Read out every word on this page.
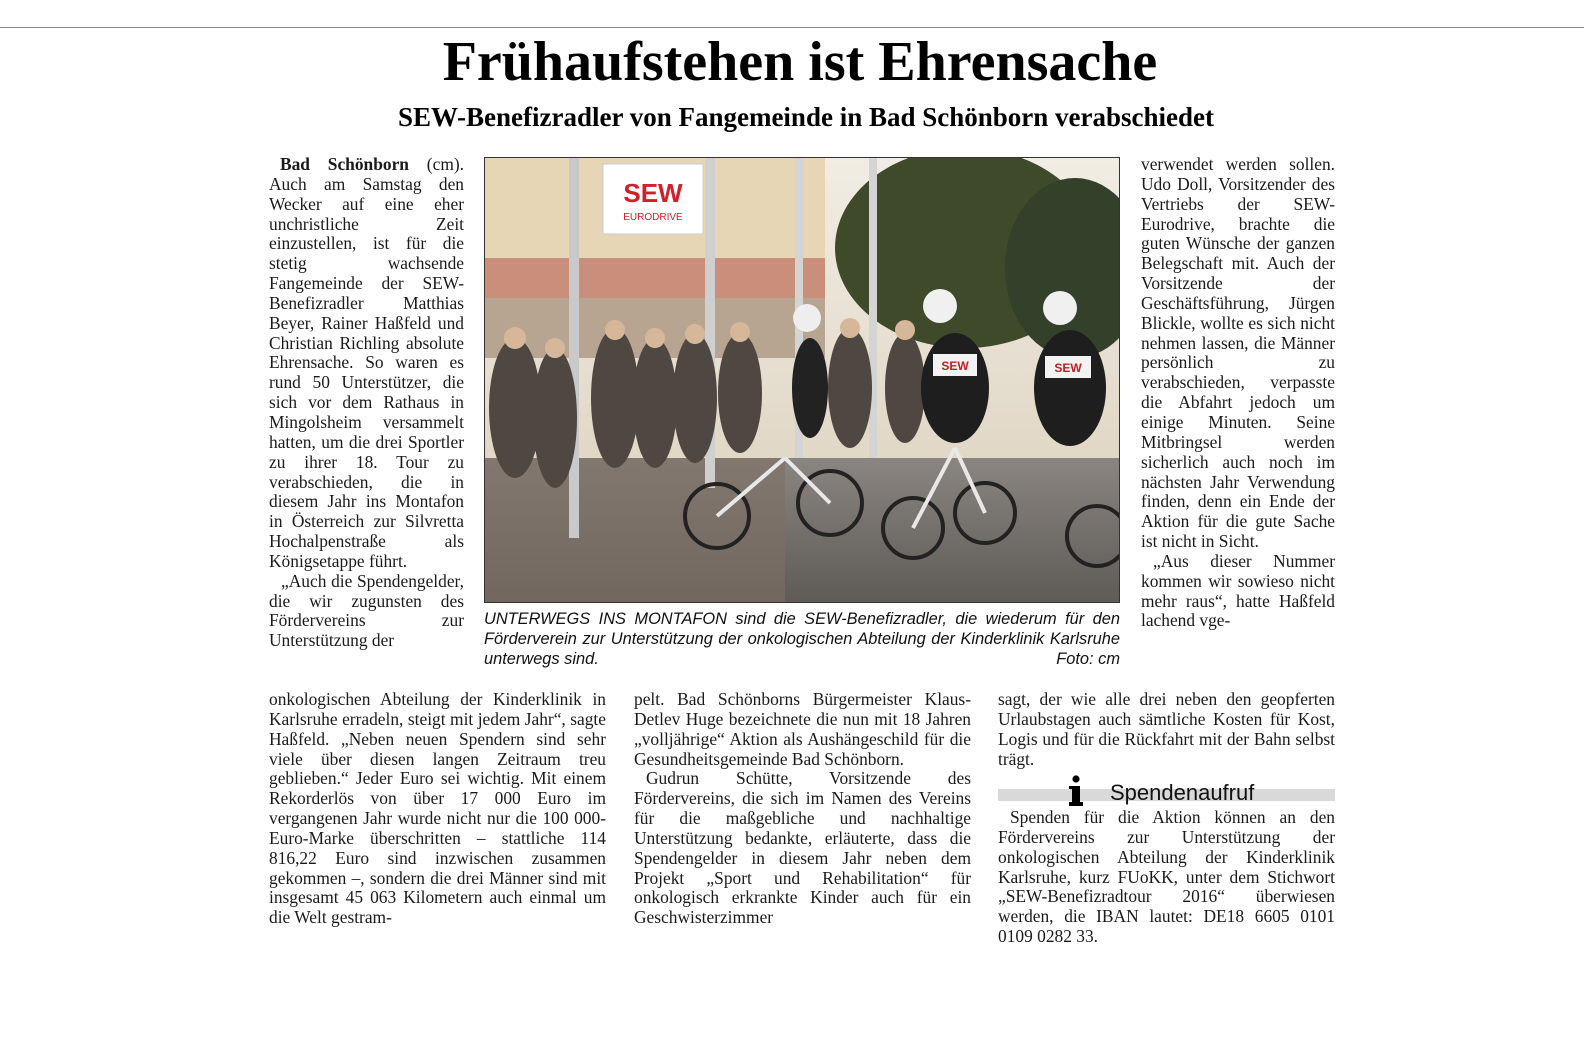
Frühaufstehen ist Ehrensache
SEW-Benefizradler von Fangemeinde in Bad Schönborn verabschiedet

Bad Schönborn (cm). Auch am Samstag den Wecker auf eine eher unchristliche Zeit einzustellen, ist für die stetig wachsende Fangemeinde der SEW-Benefizradler Matthias Beyer, Rainer Haßfeld und Christian Richling absolute Ehrensache. So waren es rund 50 Unterstützer, die sich vor dem Rathaus in Mingolsheim versammelt hatten, um die drei Sportler zu ihrer 18. Tour zu verabschieden, die in diesem Jahr ins Montafon in Österreich zur Silvretta Hochalpenstraße als Königsetappe führt.

„Auch die Spendengelder, die wir zugunsten des Fördervereins zur Unterstützung der

SEW
EURODRIVE
SEW	SEW
UNTERWEGS INS MONTAFON sind die SEW-Benefizradler, die wiederum für den Förderverein zur Unterstützung der onkologischen Abteilung der Kinderklinik Karlsruhe unterwegs sind.	Foto: cm

verwendet werden sollen. Udo Doll, Vorsitzender des Vertriebs der SEW-Eurodrive, brachte die guten Wünsche der ganzen Belegschaft mit. Auch der Vorsitzende der Geschäftsführung, Jürgen Blickle, wollte es sich nicht nehmen lassen, die Männer persönlich zu verabschieden, verpasste die Abfahrt jedoch um einige Minuten. Seine Mitbringsel werden sicherlich auch noch im nächsten Jahr Verwendung finden, denn ein Ende der Aktion für die gute Sache ist nicht in Sicht.

„Aus dieser Nummer kommen wir sowieso nicht mehr raus“, hatte Haßfeld lachend vge-

onkologischen Abteilung der Kinderklinik in Karlsruhe erradeln, steigt mit jedem Jahr“, sagte Haßfeld. „Neben neuen Spendern sind sehr viele über diesen langen Zeitraum treu geblieben.“ Jeder Euro sei wichtig. Mit einem Rekorderlös von über 17 000 Euro im vergangenen Jahr wurde nicht nur die 100 000-Euro-Marke überschritten – stattliche 114 816,22 Euro sind inzwischen zusammen gekommen –, sondern die drei Männer sind mit insgesamt 45 063 Kilometern auch einmal um die Welt gestram-

pelt. Bad Schönborns Bürgermeister Klaus-Detlev Huge bezeichnete die nun mit 18 Jahren „volljährige“ Aktion als Aushängeschild für die Gesundheitsgemeinde Bad Schönborn.

Gudrun Schütte, Vorsitzende des Fördervereins, die sich im Namen des Vereins für die maßgebliche und nachhaltige Unterstützung bedankte, erläuterte, dass die Spendengelder in diesem Jahr neben dem Projekt „Sport und Rehabilitation“ für onkologisch erkrankte Kinder auch für ein Geschwisterzimmer

sagt, der wie alle drei neben den geopferten Urlaubstagen auch sämtliche Kosten für Kost, Logis und für die Rückfahrt mit der Bahn selbst trägt.

Spendenaufruf

Spenden für die Aktion können an den Fördervereins zur Unterstützung der onkologischen Abteilung der Kinderklinik Karlsruhe, kurz FUoKK, unter dem Stichwort „SEW-Benefizradtour 2016“ überwiesen werden, die IBAN lautet: DE18 6605 0101 0109 0282 33.
